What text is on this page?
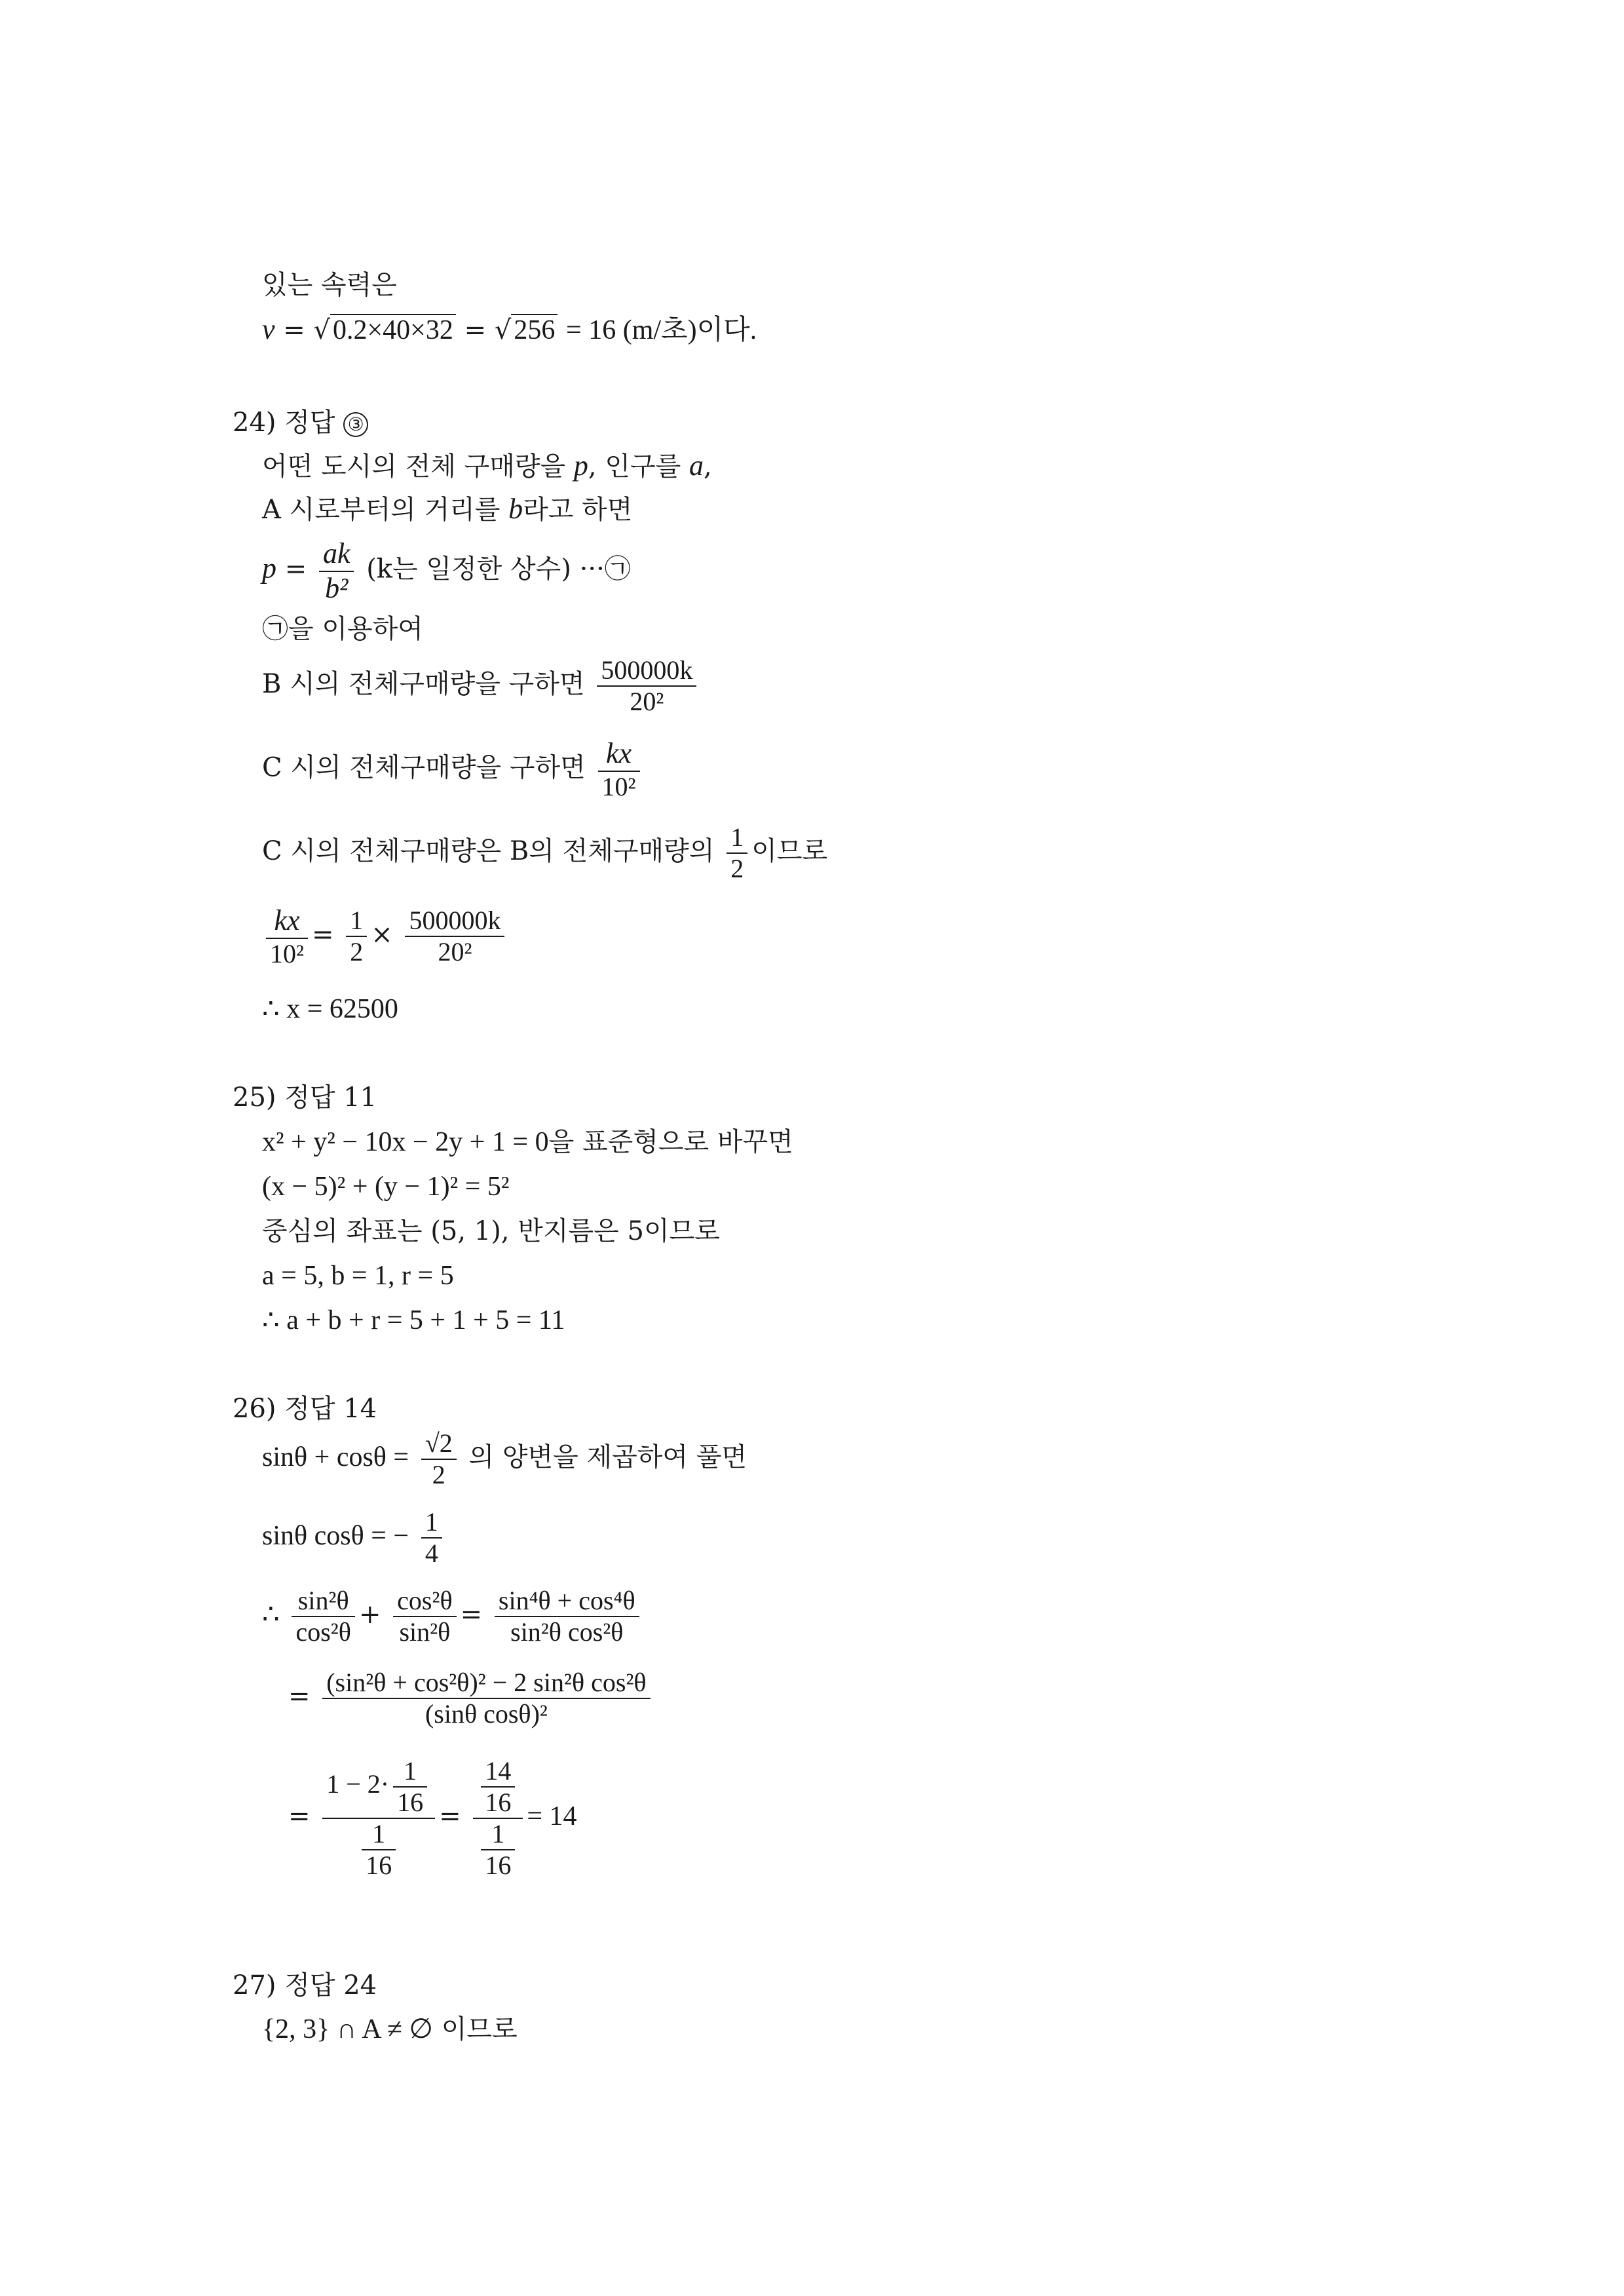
있는 속력은
v = √0.2×40×32 = √256 = 16 (m/초)이다.
24) 정답 ③
어떤 도시의 전체 구매량을 p, 인구를 a,
A 시로부터의 거리를 b라고 하면
$p = \frac{ak}{\text{b²}} (k$는 일정한 상수) ···㉠
㉠을 이용하여
B 시의 전체구매량을 구하면 $\frac{500000k}{\text{20²}}$
C 시의 전체구매량을 구하면 $\frac{kx}{\text{10²}}$
C 시의 전체구매량은 B의 전체구매량의 $\frac{1}{2}$ 이므로
$\frac{kx}{\text{10²}} = \frac{1}{2} \times \frac{500000k}{\text{20²}}$
∴ x = 62500
25) 정답 11
x² + y² − 10x − 2y + 1 = 0을 표준형으로 바꾸면
(x − 5)² + (y − 1)² = 5²
중심의 좌표는 (5, 1), 반지름은 5이므로
a = 5, b = 1, r = 5
∴ a + b + r = 5 + 1 + 5 = 11
26) 정답 14
$\sin\theta + \cos\theta = \frac{√2}{2}$ 의 양변을 제곱하여 풀면
sinθ cosθ = − $\frac{1}{4}$
∴ $\frac{\text{sin²θ}}{\text{cos²θ}} + \frac{\text{cos²θ}}{\text{sin²θ}} = \frac{\text{sin⁴θ + cos⁴θ}}{\text{sin²θ cos²θ}}$
= $\frac{\text{(sin²θ + cos²θ)² − 2 sin²θ cos²θ}}{\text{(sinθ cosθ)²}}$
= $\frac{1 - 2\cdot \frac{1}{16}}{\frac{1}{16}} = \frac{\frac{14}{16}}{\frac{1}{16}} = 14$
27) 정답 24
{2, 3} ∩ A ≠ ∅ 이므로
